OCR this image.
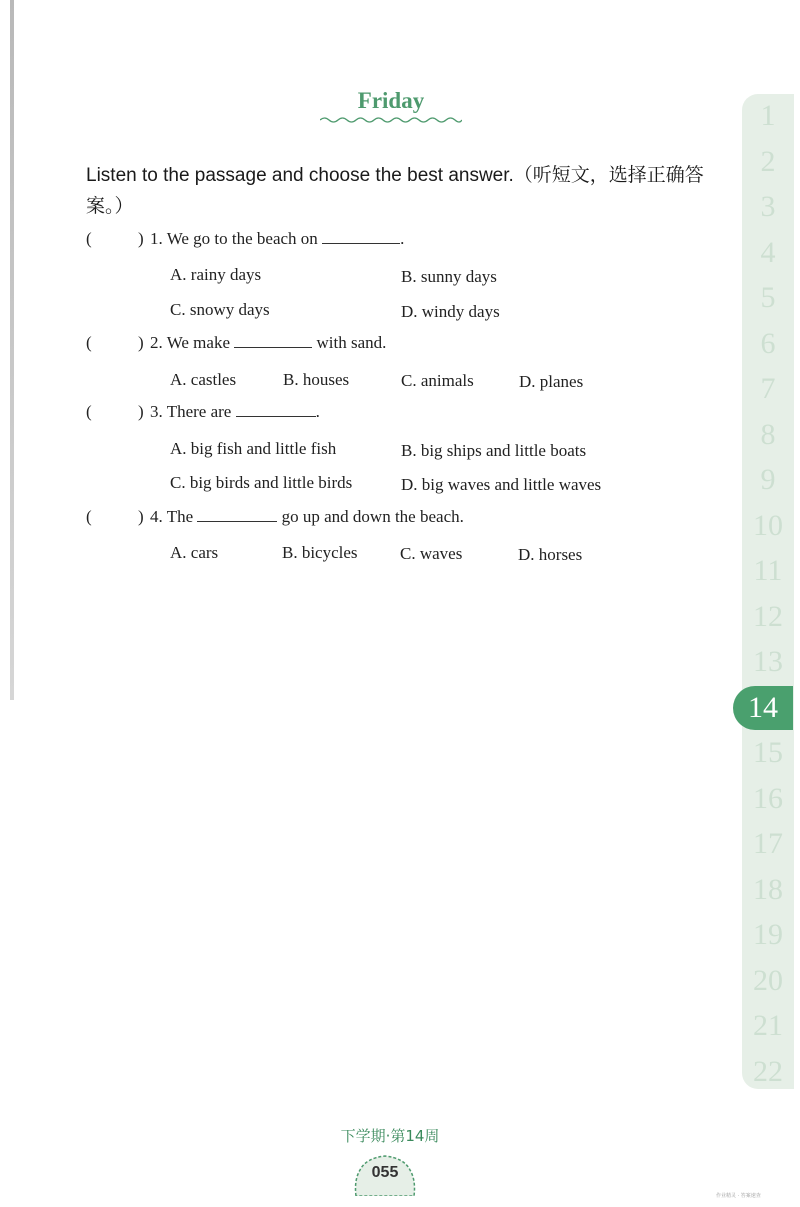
Friday
Listen to the passage and choose the best answer.（听短文，选择正确答案。）
(	) 1. We go to the beach on	.
A. rainy days	B. sunny days
C. snowy days	D. windy days
(	) 2. We make	with sand.
A. castles	B. houses	C. animals	D. planes
(	) 3. There are	.
A. big fish and little fish	B. big ships and little boats
C. big birds and little birds	D. big waves and little waves
(	) 4. The	go up and down the beach.
A. cars	B. bicycles C. waves	D. horses
1
2
3
4
5
6
7
8
9
10
11
12
13
15
16
17
18
19
20
21
22
14
下学期·第14周
055
作业精灵 · 答案速查
